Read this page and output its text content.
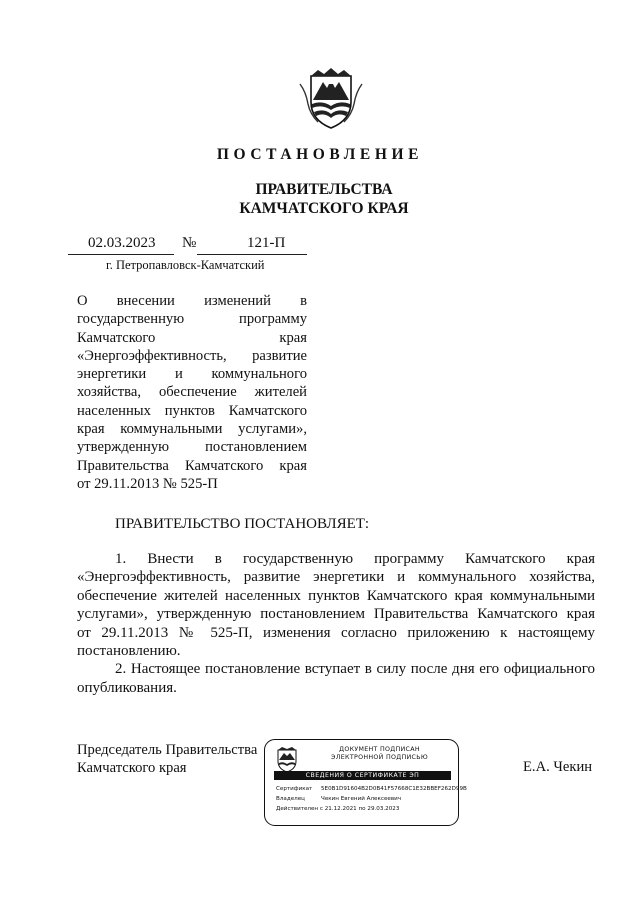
ПОСТАНОВЛЕНИЕ
ПРАВИТЕЛЬСТВА
КАМЧАТСКОГО КРАЯ
02.03.2023 №	121-П
г. Петропавловск-Камчатский
О внесении изменений в
государственную программу
Камчатского края
«Энергоэффективность, развитие
энергетики и коммунального
хозяйства, обеспечение жителей
населенных пунктов Камчатского
края коммунальными услугами»,
утвержденную постановлением
Правительства Камчатского края
от 29.11.2013 № 525-П
ПРАВИТЕЛЬСТВО ПОСТАНОВЛЯЕТ:
1. Внести в государственную программу Камчатского края
«Энергоэффективность, развитие энергетики и коммунального хозяйства,
обеспечение жителей населенных пунктов Камчатского края коммунальными
услугами», утвержденную постановлением Правительства Камчатского края
от 29.11.2013 № 525-П, изменения согласно приложению к настоящему
постановлению.
2. Настоящее постановление вступает в силу после дня его официального
опубликования.
Председатель Правительства
Камчатского края
ДОКУМЕНТ ПОДПИСАН
ЭЛЕКТРОННОЙ ПОДПИСЬЮ
СВЕДЕНИЯ О СЕРТИФИКАТЕ ЭП
Сертификат 5E0B1D91604B2D0B41F57668C1E32BBEF262D99B
Владелец	Чекин Евгений Алексеевич
Действителен с 21.12.2021 по 29.03.2023
Е.А. Чекин
